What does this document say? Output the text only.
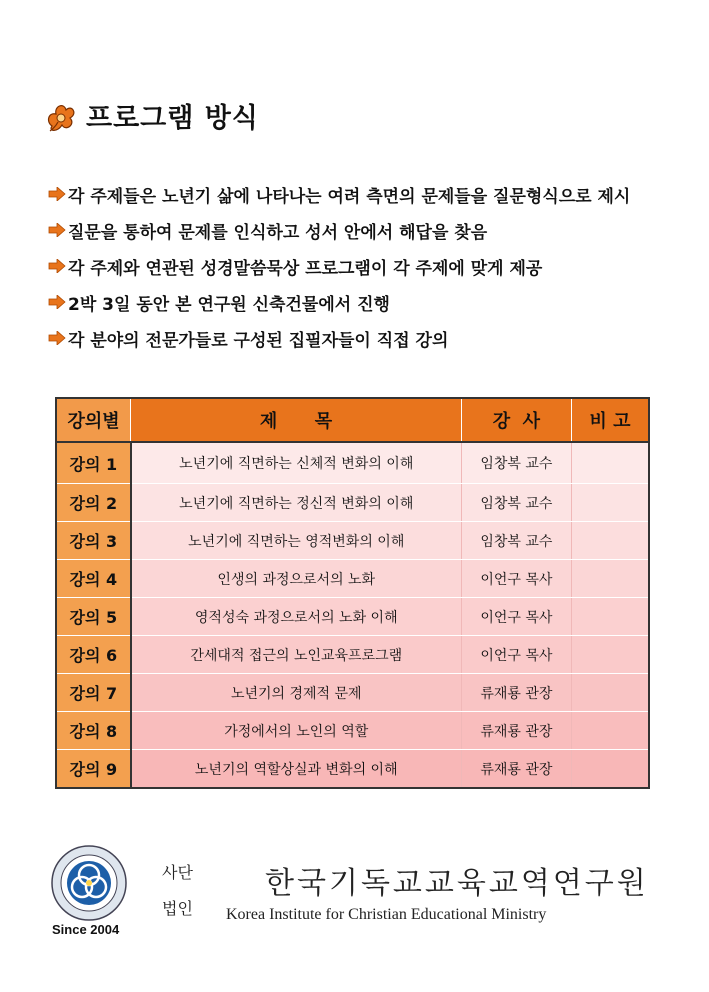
프로그램 방식
각 주제들은 노년기 삶에 나타나는 여려 측면의 문제들을 질문형식으로 제시
질문을 통하여 문제를 인식하고 성서 안에서 해답을 찾음
각 주제와 연관된 성경말씀묵상 프로그램이 각 주제에 맞게 제공
2박 3일 동안 본 연구원 신축건물에서 진행
각 분야의 전문가들로 구성된 집필자들이 직접 강의
강의별	제      목	강  사	비 고
강의 1	노년기에 직면하는 신체적 변화의 이해	임창복 교수	
강의 2	노년기에 직면하는 정신적 변화의 이해	임창복 교수	
강의 3	노년기에 직면하는 영적변화의 이해	임창복 교수	
강의 4	인생의 과정으로서의 노화	이언구 목사	
강의 5	영적성숙 과정으로서의 노화 이해	이언구 목사	
강의 6	간세대적 접근의 노인교육프로그램	이언구 목사	
강의 7	노년기의 경제적 문제	류재룡 관장	
강의 8	가정에서의 노인의 역할	류재룡 관장	
강의 9	노년기의 역할상실과 변화의 이해	류재룡 관장	
Since 2004
사단
법인
한국기독교교육교역연구원
Korea Institute for Christian Educational Ministry
